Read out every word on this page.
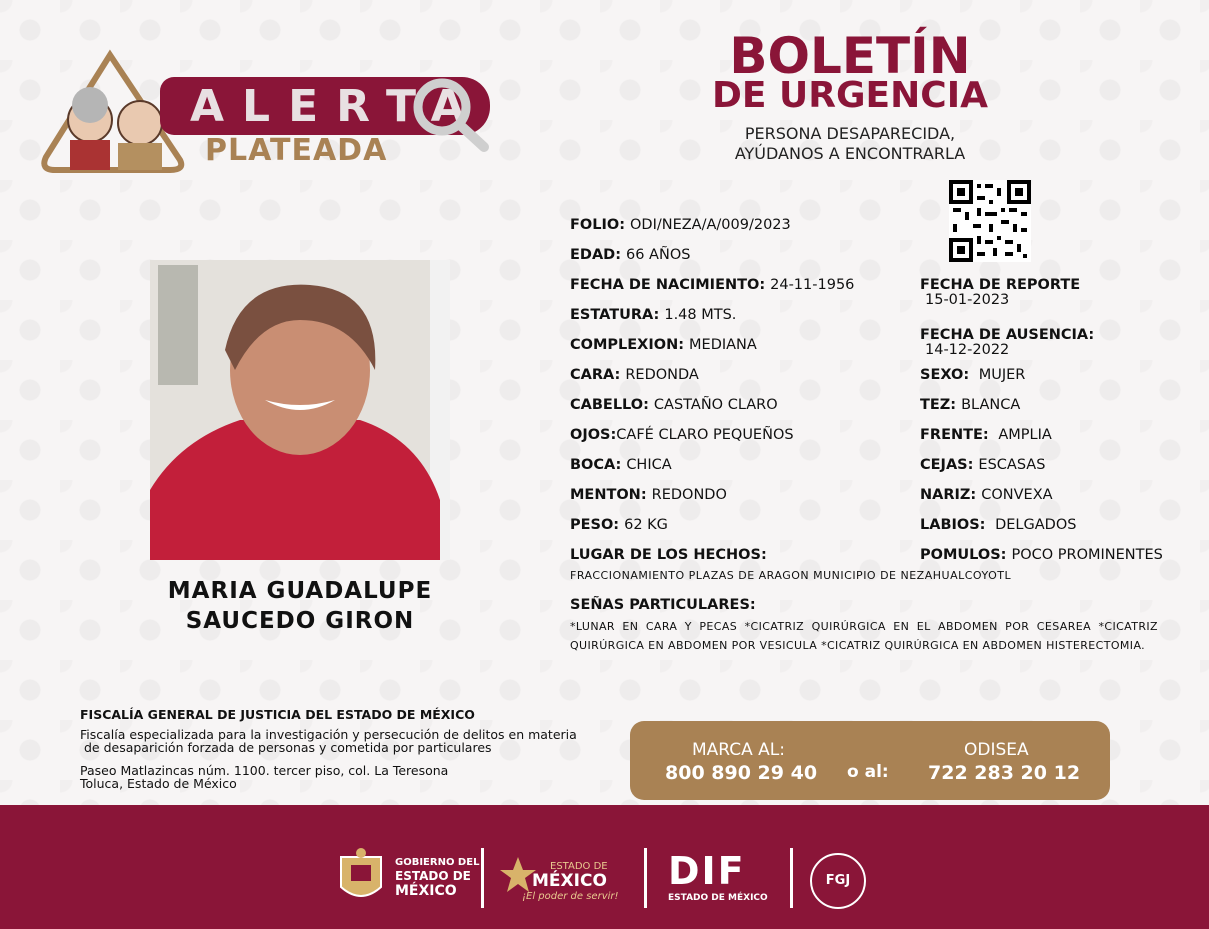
ALERTA
PLATEADA
BOLETÍN
DE URGENCIA
PERSONA DESAPARECIDA,
AYÚDANOS A ENCONTRARLA
MARIA GUADALUPE
SAUCEDO GIRON
FOLIO: ODI/NEZA/A/009/2023
EDAD: 66 AÑOS
FECHA DE NACIMIENTO: 24-11-1956
ESTATURA: 1.48 MTS.
COMPLEXION: MEDIANA
CARA: REDONDA
CABELLO: CASTAÑO CLARO
OJOS:CAFÉ CLARO PEQUEÑOS
BOCA: CHICA
MENTON: REDONDO
PESO: 62 KG
LUGAR DE LOS HECHOS:
FRACCIONAMIENTO PLAZAS DE ARAGON MUNICIPIO DE NEZAHUALCOYOTL
SEÑAS PARTICULARES:
*LUNAR EN CARA Y PECAS *CICATRIZ QUIRÚRGICA EN EL ABDOMEN POR CESAREA *CICATRIZ QUIRÚRGICA EN ABDOMEN POR VESICULA *CICATRIZ QUIRÚRGICA EN ABDOMEN HISTERECTOMIA.
FECHA DE REPORTE
15-01-2023
FECHA DE AUSENCIA:
14-12-2022
SEXO: MUJER
TEZ: BLANCA
FRENTE: AMPLIA
CEJAS: ESCASAS
NARIZ: CONVEXA
LABIOS: DELGADOS
POMULOS: POCO PROMINENTES
FISCALÍA GENERAL DE JUSTICIA DEL ESTADO DE MÉXICO
Fiscalía especializada para la investigación y persecución de delitos en materia
de desaparición forzada de personas y cometida por particulares
Paseo Matlazincas núm. 1100. tercer piso, col. La Teresona
Toluca, Estado de México
MARCA AL:
800 890 29 40 o al:
ODISEA
722 283 20 12
GOBIERNO DEL
ESTADO DE
MÉXICO
ESTADO DE
MÉXICO
¡El poder de servir!
DIF
ESTADO DE MÉXICO
FGJ
